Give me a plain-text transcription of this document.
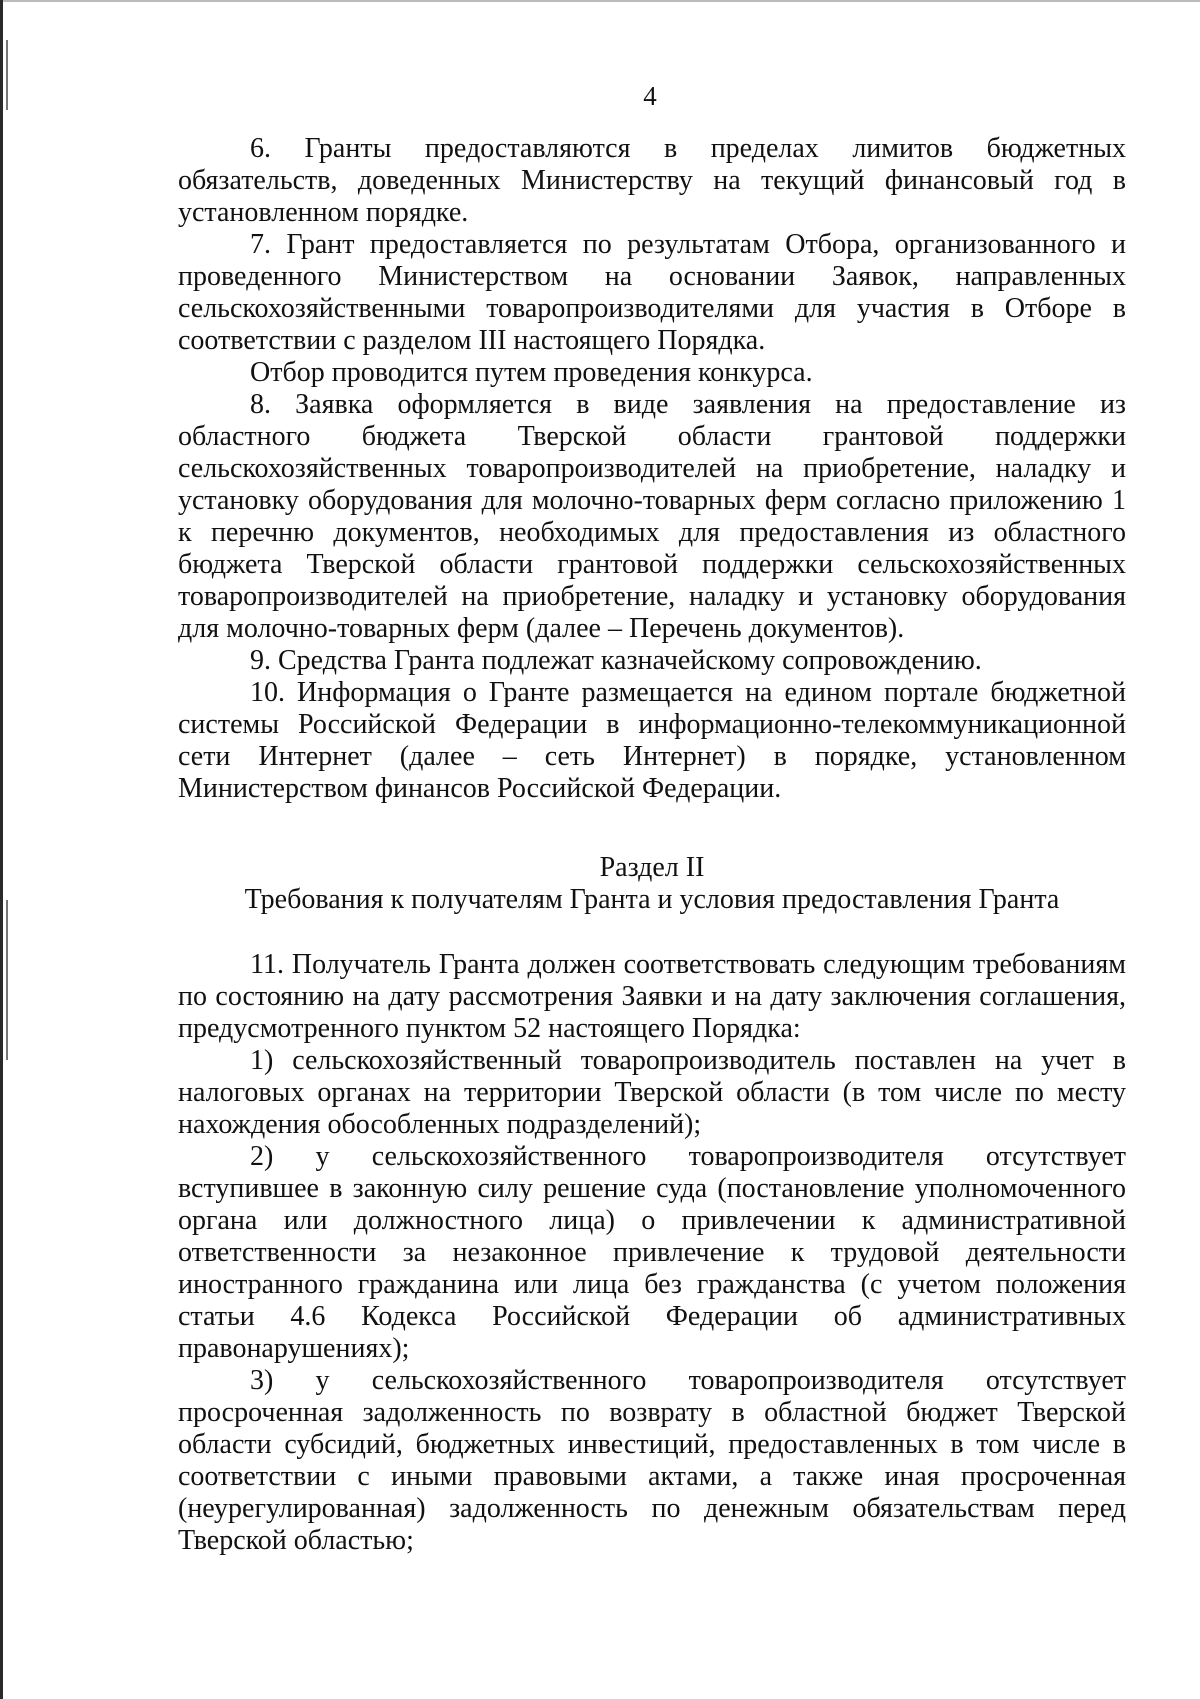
4

6. Гранты предоставляются в пределах лимитов бюджетных обязательств, доведенных Министерству на текущий финансовый год в установленном порядке.

7. Грант предоставляется по результатам Отбора, организованного и проведенного Министерством на основании Заявок, направленных сельскохозяйственными товаропроизводителями для участия в Отборе в соответствии с разделом III настоящего Порядка.

Отбор проводится путем проведения конкурса.

8. Заявка оформляется в виде заявления на предоставление из областного бюджета Тверской области грантовой поддержки сельскохозяйственных товаропроизводителей на приобретение, наладку и установку оборудования для молочно-товарных ферм согласно приложению 1 к перечню документов, необходимых для предоставления из областного бюджета Тверской области грантовой поддержки сельскохозяйственных товаропроизводителей на приобретение, наладку и установку оборудования для молочно-товарных ферм (далее – Перечень документов).

9. Средства Гранта подлежат казначейскому сопровождению.

10. Информация о Гранте размещается на едином портале бюджетной системы Российской Федерации в информационно-телекоммуникационной сети Интернет (далее – сеть Интернет) в порядке, установленном Министерством финансов Российской Федерации.

Раздел II

Требования к получателям Гранта и условия предоставления Гранта

11. Получатель Гранта должен соответствовать следующим требованиям по состоянию на дату рассмотрения Заявки и на дату заключения соглашения, предусмотренного пунктом 52 настоящего Порядка:

1) сельскохозяйственный товаропроизводитель поставлен на учет в налоговых органах на территории Тверской области (в том числе по месту нахождения обособленных подразделений);

2) у сельскохозяйственного товаропроизводителя отсутствует вступившее в законную силу решение суда (постановление уполномоченного органа или должностного лица) о привлечении к административной ответственности за незаконное привлечение к трудовой деятельности иностранного гражданина или лица без гражданства (с учетом положения статьи 4.6 Кодекса Российской Федерации об административных правонарушениях);

3) у сельскохозяйственного товаропроизводителя отсутствует просроченная задолженность по возврату в областной бюджет Тверской области субсидий, бюджетных инвестиций, предоставленных в том числе в соответствии с иными правовыми актами, а также иная просроченная (неурегулированная) задолженность по денежным обязательствам перед Тверской областью;
